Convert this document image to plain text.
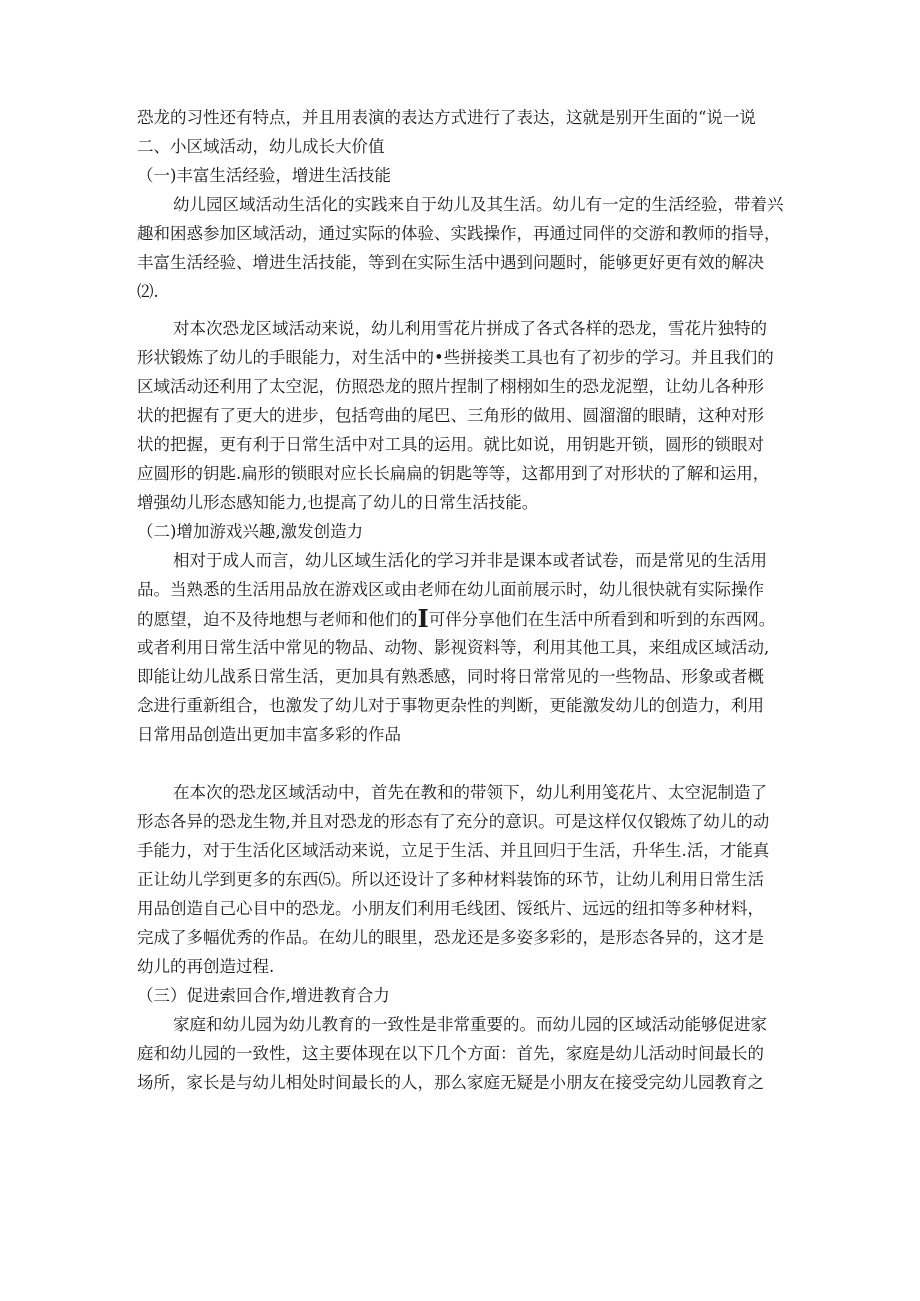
恐龙的习性还有特点，并且用表演的表达方式进行了表达，这就是别开生面的“说一说
二、小区域活动，幼儿成长大价值
（一)丰富生活经验，增进生活技能
幼儿园区域活动生活化的实践来自于幼儿及其生活。幼儿有一定的生活经验，带着兴
趣和困惑参加区域活动，通过实际的体验、实践操作，再通过同伴的交游和教师的指导，
丰富生活经验、增进生活技能，等到在实际生活中遇到问题时，能够更好更有效的解决
⑵.
对本次恐龙区域活动来说，幼儿利用雪花片拼成了各式各样的恐龙，雪花片独特的
形状锻炼了幼儿的手眼能力，对生活中的•些拼接类工具也有了初步的学习。并且我们的
区域活动还利用了太空泥，仿照恐龙的照片捏制了栩栩如生的恐龙泥塑，让幼儿各种形
状的把握有了更大的进步，包括弯曲的尾巴、三角形的做用、圆溜溜的眼睛，这种对形
状的把握，更有利于日常生活中对工具的运用。就比如说，用钥匙开锁，圆形的锁眼对
应圆形的钥匙.扁形的锁眼对应长长扁扁的钥匙等等，这都用到了对形状的了解和运用，
增强幼儿形态感知能力,也提高了幼儿的日常生活技能。
（二)增加游戏兴趣,激发创造力
相对于成人而言，幼儿区域生活化的学习并非是课本或者试卷，而是常见的生活用
品。当熟悉的生活用品放在游戏区或由老师在幼儿面前展示时，幼儿很快就有实际操作
的愿望，迫不及待地想与老师和他们的I可伴分享他们在生活中所看到和听到的东西网。
或者利用日常生活中常见的物品、动物、影视资料等，利用其他工具，来组成区域活动,
即能让幼儿战系日常生活，更加具有熟悉感，同时将日常常见的一些物品、形象或者概
念进行重新组合，也激发了幼儿对于事物更杂性的判断，更能激发幼儿的创造力，利用
日常用品创造出更加丰富多彩的作品
在本次的恐龙区域活动中，首先在教和的带领下，幼儿利用笺花片、太空泥制造了
形态各异的恐龙生物,并且对恐龙的形态有了充分的意识。可是这样仅仅锻炼了幼儿的动
手能力，对于生活化区域活动来说，立足于生活、并且回归于生活，升华生.活，才能真
正让幼儿学到更多的东西⑸。所以还设计了多种材料装饰的环节，让幼儿利用日常生活
用品创造自己心目中的恐龙。小朋友们利用毛线团、馁纸片、远远的纽扣等多种材料，
完成了多幅优秀的作品。在幼儿的眼里，恐龙还是多姿多彩的，是形态各异的，这才是
幼儿的再创造过程.
（三）促进索回合作,增进教育合力
家庭和幼儿园为幼儿教育的一致性是非常重要的。而幼儿园的区域活动能够促进家
庭和幼儿园的一致性，这主要体现在以下几个方面：首先，家庭是幼儿活动时间最长的
场所，家长是与幼儿相处时间最长的人，那么家庭无疑是小朋友在接受完幼儿园教育之
